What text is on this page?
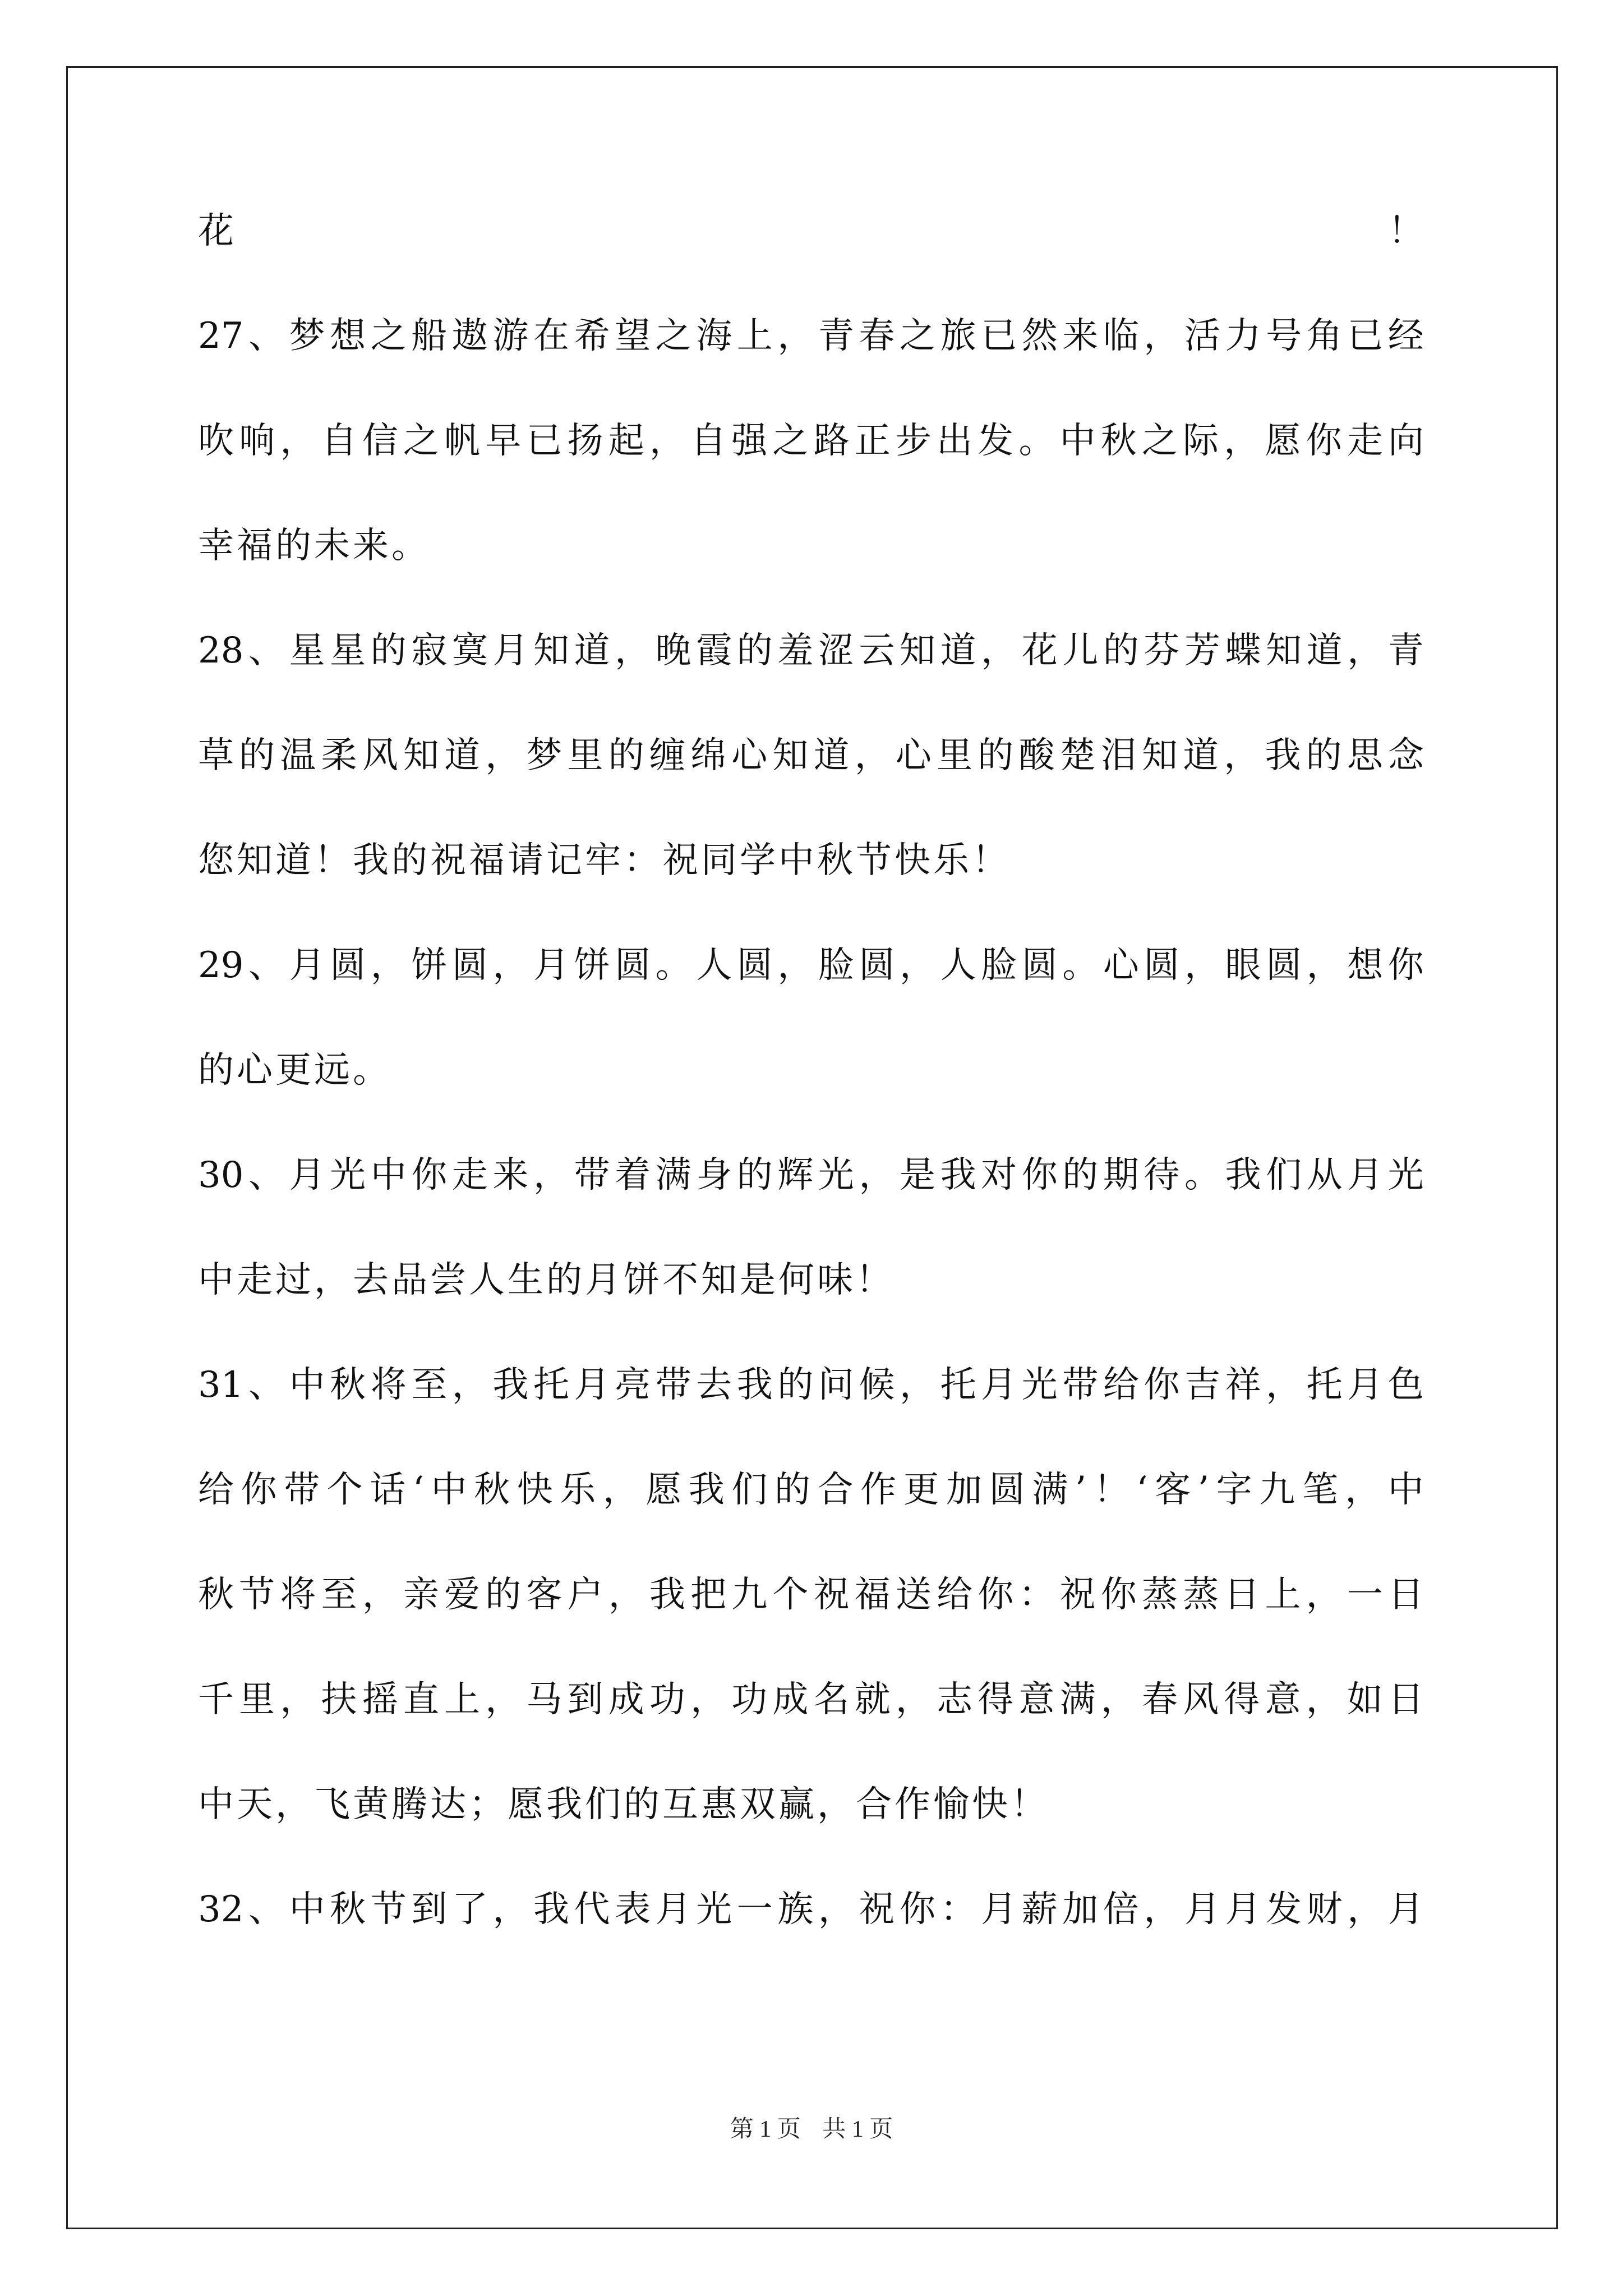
花	！
27 、 梦 想 之 船 遨 游 在 希 望 之 海 上 ， 青 春 之 旅 已 然 来 临 ， 活 力 号 角 已 经
吹 响 ， 自 信 之 帆 早 已 扬 起 ， 自 强 之 路 正 步 出 发 。 中 秋 之 际 ， 愿 你 走 向
幸福的未来。
28 、 星 星 的 寂 寞 月 知 道 ， 晚 霞 的 羞 涩 云 知 道 ， 花 儿 的 芬 芳 蝶 知 道 ， 青
草 的 温 柔 风 知 道 ， 梦 里 的 缠 绵 心 知 道 ， 心 里 的 酸 楚 泪 知 道 ， 我 的 思 念
您知道！我的祝福请记牢：祝同学中秋节快乐！
29 、 月 圆 ， 饼 圆 ， 月 饼 圆 。 人 圆 ， 脸 圆 ， 人 脸 圆 。 心 圆 ， 眼 圆 ， 想 你
的心更远。
30 、 月 光 中 你 走 来 ， 带 着 满 身 的 辉 光 ， 是 我 对 你 的 期 待 。 我 们 从 月 光
中走过，去品尝人生的月饼不知是何味！
31 、 中 秋 将 至 ， 我 托 月 亮 带 去 我 的 问 候 ， 托 月 光 带 给 你 吉 祥 ， 托 月 色
给 你 带 个 话 ‘ 中 秋 快 乐 ， 愿 我 们 的 合 作 更 加 圆 满 ’ ！ ‘ 客 ’ 字 九 笔 ， 中
秋 节 将 至 ， 亲 爱 的 客 户 ， 我 把 九 个 祝 福 送 给 你 ： 祝 你 蒸 蒸 日 上 ， 一 日
千 里 ， 扶 摇 直 上 ， 马 到 成 功 ， 功 成 名 就 ， 志 得 意 满 ， 春 风 得 意 ， 如 日
中天，飞黄腾达；愿我们的互惠双赢，合作愉快！
32 、 中 秋 节 到 了 ， 我 代 表 月 光 一 族 ， 祝 你 ： 月 薪 加 倍 ， 月 月 发 财 ， 月
第 1 页 共 1 页
